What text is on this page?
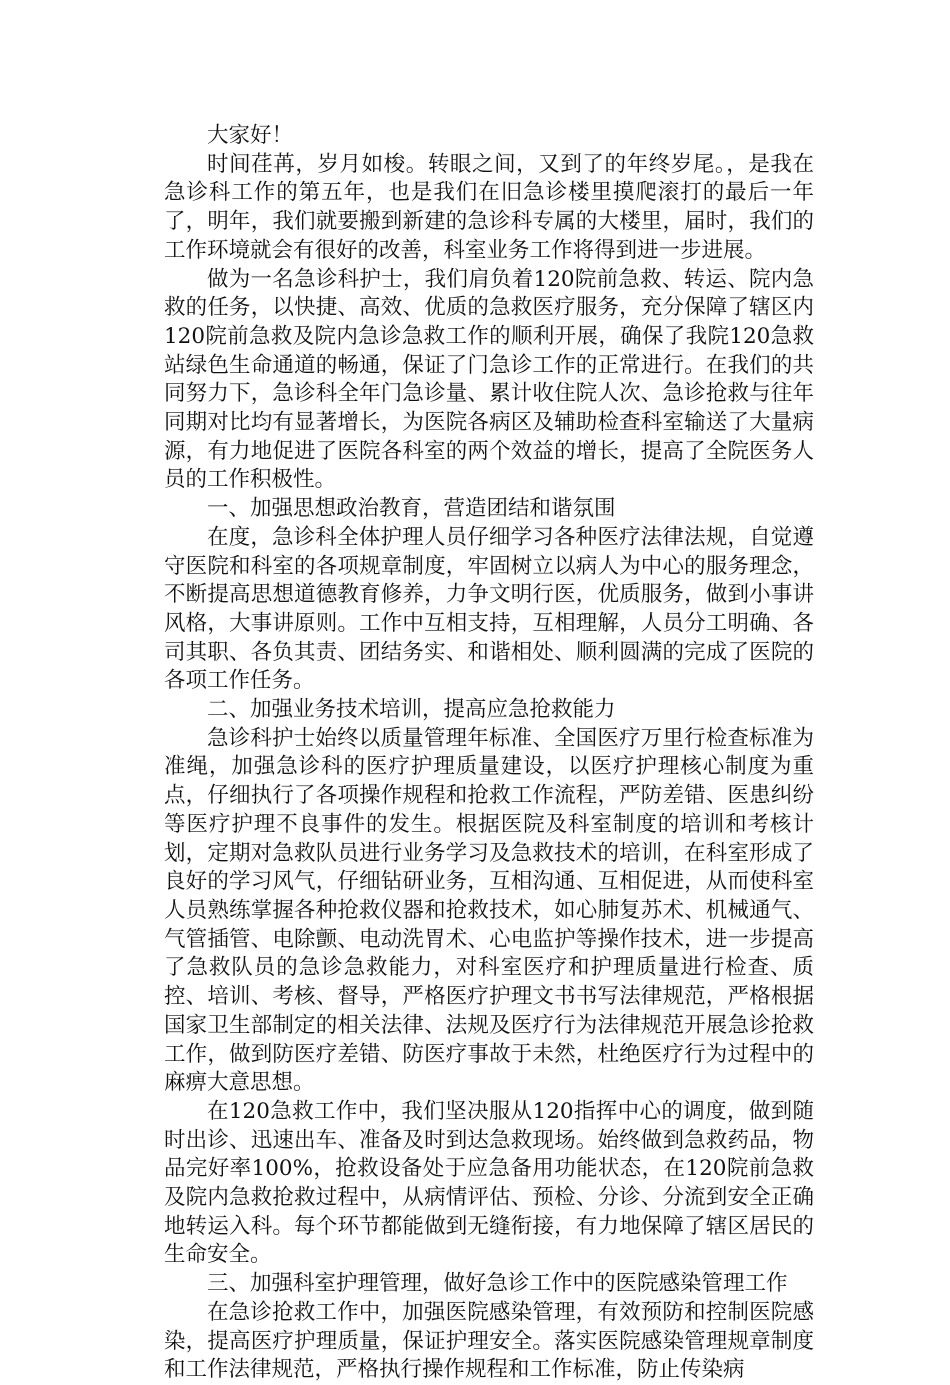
大家好！

时间荏苒，岁月如梭。转眼之间，又到了的年终岁尾。，是我在急诊科工作的第五年，也是我们在旧急诊楼里摸爬滚打的最后一年了，明年，我们就要搬到新建的急诊科专属的大楼里，届时，我们的工作环境就会有很好的改善，科室业务工作将得到进一步进展。

做为一名急诊科护士，我们肩负着120院前急救、转运、院内急救的任务，以快捷、高效、优质的急救医疗服务，充分保障了辖区内120院前急救及院内急诊急救工作的顺利开展，确保了我院120急救站绿色生命通道的畅通，保证了门急诊工作的正常进行。在我们的共同努力下，急诊科全年门急诊量、累计收住院人次、急诊抢救与往年同期对比均有显著增长，为医院各病区及辅助检查科室输送了大量病源，有力地促进了医院各科室的两个效益的增长，提高了全院医务人员的工作积极性。

一、加强思想政治教育，营造团结和谐氛围

在度，急诊科全体护理人员仔细学习各种医疗法律法规，自觉遵守医院和科室的各项规章制度，牢固树立以病人为中心的服务理念，不断提高思想道德教育修养，力争文明行医，优质服务，做到小事讲风格，大事讲原则。工作中互相支持，互相理解，人员分工明确、各司其职、各负其责、团结务实、和谐相处、顺利圆满的完成了医院的各项工作任务。

二、加强业务技术培训，提高应急抢救能力

急诊科护士始终以质量管理年标准、全国医疗万里行检查标准为准绳，加强急诊科的医疗护理质量建设，以医疗护理核心制度为重点，仔细执行了各项操作规程和抢救工作流程，严防差错、医患纠纷等医疗护理不良事件的发生。根据医院及科室制度的培训和考核计划，定期对急救队员进行业务学习及急救技术的培训，在科室形成了良好的学习风气，仔细钻研业务，互相沟通、互相促进，从而使科室人员熟练掌握各种抢救仪器和抢救技术，如心肺复苏术、机械通气、气管插管、电除颤、电动洗胃术、心电监护等操作技术，进一步提高了急救队员的急诊急救能力，对科室医疗和护理质量进行检查、质控、培训、考核、督导，严格医疗护理文书书写法律规范，严格根据国家卫生部制定的相关法律、法规及医疗行为法律规范开展急诊抢救工作，做到防医疗差错、防医疗事故于未然，杜绝医疗行为过程中的麻痹大意思想。

在120急救工作中，我们坚决服从120指挥中心的调度，做到随时出诊、迅速出车、准备及时到达急救现场。始终做到急救药品，物品完好率100%，抢救设备处于应急备用功能状态，在120院前急救及院内急救抢救过程中，从病情评估、预检、分诊、分流到安全正确地转运入科。每个环节都能做到无缝衔接，有力地保障了辖区居民的生命安全。

三、加强科室护理管理，做好急诊工作中的医院感染管理工作

在急诊抢救工作中，加强医院感染管理，有效预防和控制医院感染，提高医疗护理质量，保证护理安全。落实医院感染管理规章制度和工作法律规范，严格执行操作规程和工作标准，防止传染病
